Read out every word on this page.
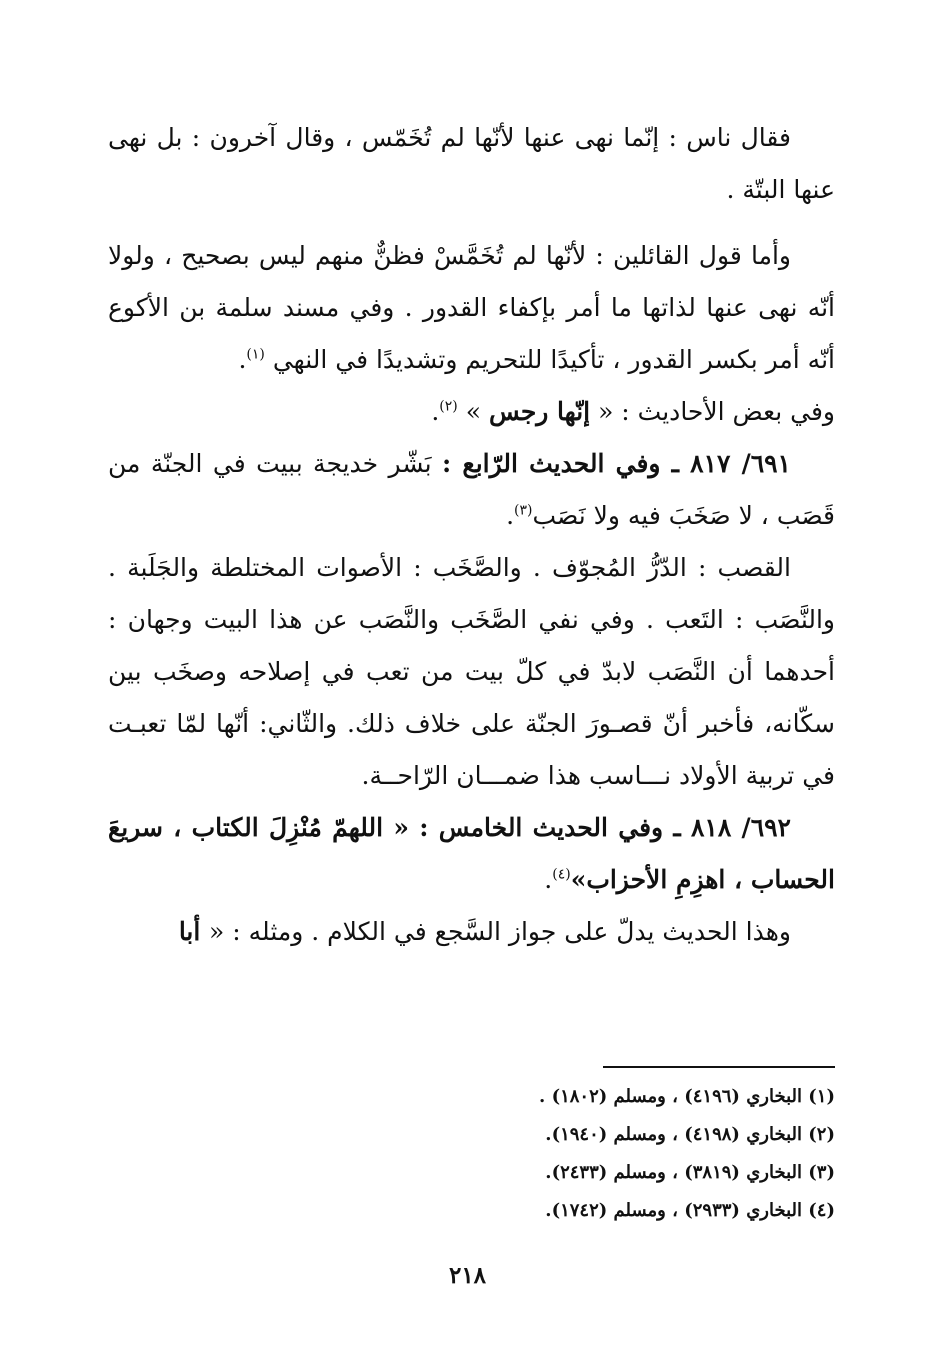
فقال ناس : إنّما نهى عنها لأنّها لم تُخَمّس ، وقال آخرون : بل نهى عنها البتّة .

وأما قول القائلين : لأنّها لم تُخَمَّسْ فظنٌّ منهم ليس بصحيح ، ولولا أنّه نهى عنها لذاتها ما أمر بإكفاء القدور . وفي مسند سلمة بن الأكوع أنّه أمر بكسر القدور ، تأكيدًا للتحريم وتشديدًا في النهي $^{(١)}$.

وفي بعض الأحاديث : « إنّها رجس » $^{(٢)}$.

٦٩١/ ٨١٧ ـ وفي الحديث الرّابع : بَشّر خديجة ببيت في الجنّة من قَصَب ، لا صَخَبَ فيه ولا نَصَب$^{(٣)}$.

القصب : الدّرُّ المُجوّف . والصَّخَب : الأصوات المختلطة والجَلَبة . والنَّصَب : التَعب . وفي نفي الصَّخَب والنَّصَب عن هذا البيت وجهان : أحدهما أن النَّصَب لابدّ في كلّ بيت من تعب في إصلاحه وصخَب بين سكّانه، فأخبر أنّ قصـورَ الجنّة على خلاف ذلك. والثّاني: أنّها لمّا تعبـت في تربية الأولاد نـــاسب هذا ضمـــان الرّاحــة.

٦٩٢/ ٨١٨ ـ وفي الحديث الخامس : « اللهمّ مُنْزِلَ الكتاب ، سريعَ الحساب ، اهزِمِ الأحزاب»$^{(٤)}$.

وهذا الحديث يدلّ على جواز السَّجع في الكلام . ومثله : « أبا

(١) البخاري (٤١٩٦) ، ومسلم (١٨٠٢) .

(٢) البخاري (٤١٩٨) ، ومسلم (١٩٤٠).

(٣) البخاري (٣٨١٩) ، ومسلم (٢٤٣٣).

(٤) البخاري (٢٩٣٣) ، ومسلم (١٧٤٢).

٢١٨
